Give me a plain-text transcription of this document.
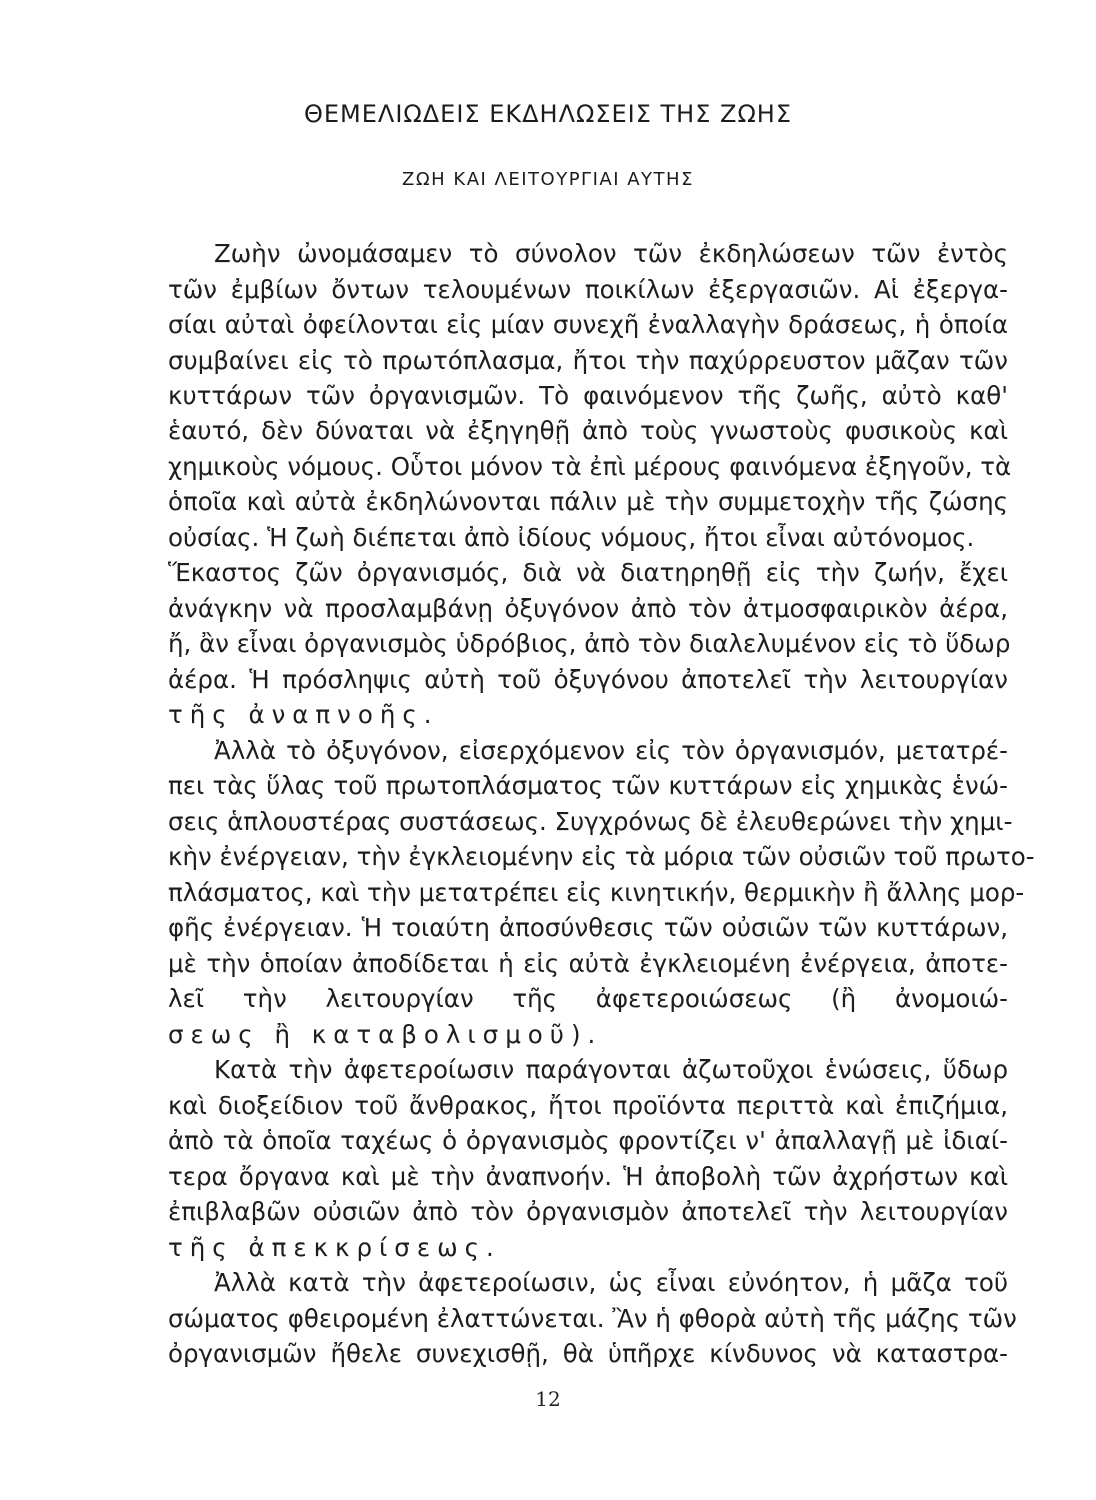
ΘΕΜΕΛΙΩΔΕΙΣ ΕΚΔΗΛΩΣΕΙΣ ΤΗΣ ΖΩΗΣ
ΖΩΗ ΚΑΙ ΛΕΙΤΟΥΡΓΙΑΙ ΑΥΤΗΣ
Ζωὴν ὠνομάσαμεν τὸ σύνολον τῶν ἐκδηλώσεων τῶν ἐντὸς
τῶν ἐμβίων ὄντων τελουμένων ποικίλων ἐξεργασιῶν. Αἱ ἐξεργα-
σίαι αὐταὶ ὀφείλονται εἰς μίαν συνεχῆ ἐναλλαγὴν δράσεως, ἡ ὁποία
συμβαίνει εἰς τὸ πρωτόπλασμα, ἤτοι τὴν παχύρρευστον μᾶζαν τῶν
κυττάρων τῶν ὀργανισμῶν. Τὸ φαινόμενον τῆς ζωῆς, αὐτὸ καθ'
ἑαυτό, δὲν δύναται νὰ ἐξηγηθῇ ἀπὸ τοὺς γνωστοὺς φυσικοὺς καὶ
χημικοὺς νόμους. Οὗτοι μόνον τὰ ἐπὶ μέρους φαινόμενα ἐξηγοῦν, τὰ
ὁποῖα καὶ αὐτὰ ἐκδηλώνονται πάλιν μὲ τὴν συμμετοχὴν τῆς ζώσης
οὐσίας. Ἡ ζωὴ διέπεται ἀπὸ ἰδίους νόμους, ἤτοι εἶναι αὐτόνομος.
Ἕκαστος ζῶν ὀργανισμός, διὰ νὰ διατηρηθῇ εἰς τὴν ζωήν, ἔχει
ἀνάγκην νὰ προσλαμβάνῃ ὀξυγόνον ἀπὸ τὸν ἀτμοσφαιρικὸν ἀέρα,
ἤ, ἂν εἶναι ὀργανισμὸς ὑδρόβιος, ἀπὸ τὸν διαλελυμένον εἰς τὸ ὕδωρ
ἀέρα. Ἡ πρόσληψις αὐτὴ τοῦ ὀξυγόνου ἀποτελεῖ τὴν λειτουργίαν
τῆς ἀναπνοῆς.
Ἀλλὰ τὸ ὀξυγόνον, εἰσερχόμενον εἰς τὸν ὀργανισμόν, μετατρέ-
πει τὰς ὕλας τοῦ πρωτοπλάσματος τῶν κυττάρων εἰς χημικὰς ἑνώ-
σεις ἁπλουστέρας συστάσεως. Συγχρόνως δὲ ἐλευθερώνει τὴν χημι-
κὴν ἐνέργειαν, τὴν ἐγκλειομένην εἰς τὰ μόρια τῶν οὐσιῶν τοῦ πρωτο-
πλάσματος, καὶ τὴν μετατρέπει εἰς κινητικήν, θερμικὴν ἢ ἄλλης μορ-
φῆς ἐνέργειαν. Ἡ τοιαύτη ἀποσύνθεσις τῶν οὐσιῶν τῶν κυττάρων,
μὲ τὴν ὁποίαν ἀποδίδεται ἡ εἰς αὐτὰ ἐγκλειομένη ἐνέργεια, ἀποτε-
λεῖ τὴν λειτουργίαν τῆς ἀφετεροιώσεως (ἢ ἀνομοιώ-
σεως ἢ καταβολισμοῦ).
Κατὰ τὴν ἀφετεροίωσιν παράγονται ἀζωτοῦχοι ἑνώσεις, ὕδωρ
καὶ διοξείδιον τοῦ ἄνθρακος, ἤτοι προϊόντα περιττὰ καὶ ἐπιζήμια,
ἀπὸ τὰ ὁποῖα ταχέως ὁ ὀργανισμὸς φροντίζει ν' ἀπαλλαγῇ μὲ ἰδιαί-
τερα ὄργανα καὶ μὲ τὴν ἀναπνοήν. Ἡ ἀποβολὴ τῶν ἀχρήστων καὶ
ἐπιβλαβῶν οὐσιῶν ἀπὸ τὸν ὀργανισμὸν ἀποτελεῖ τὴν λειτουργίαν
τῆς ἀπεκκρίσεως.
Ἀλλὰ κατὰ τὴν ἀφετεροίωσιν, ὡς εἶναι εὐνόητον, ἡ μᾶζα τοῦ
σώματος φθειρομένη ἐλαττώνεται. Ἂν ἡ φθορὰ αὐτὴ τῆς μάζης τῶν
ὀργανισμῶν ἤθελε συνεχισθῇ, θὰ ὑπῆρχε κίνδυνος νὰ καταστρα-
12
